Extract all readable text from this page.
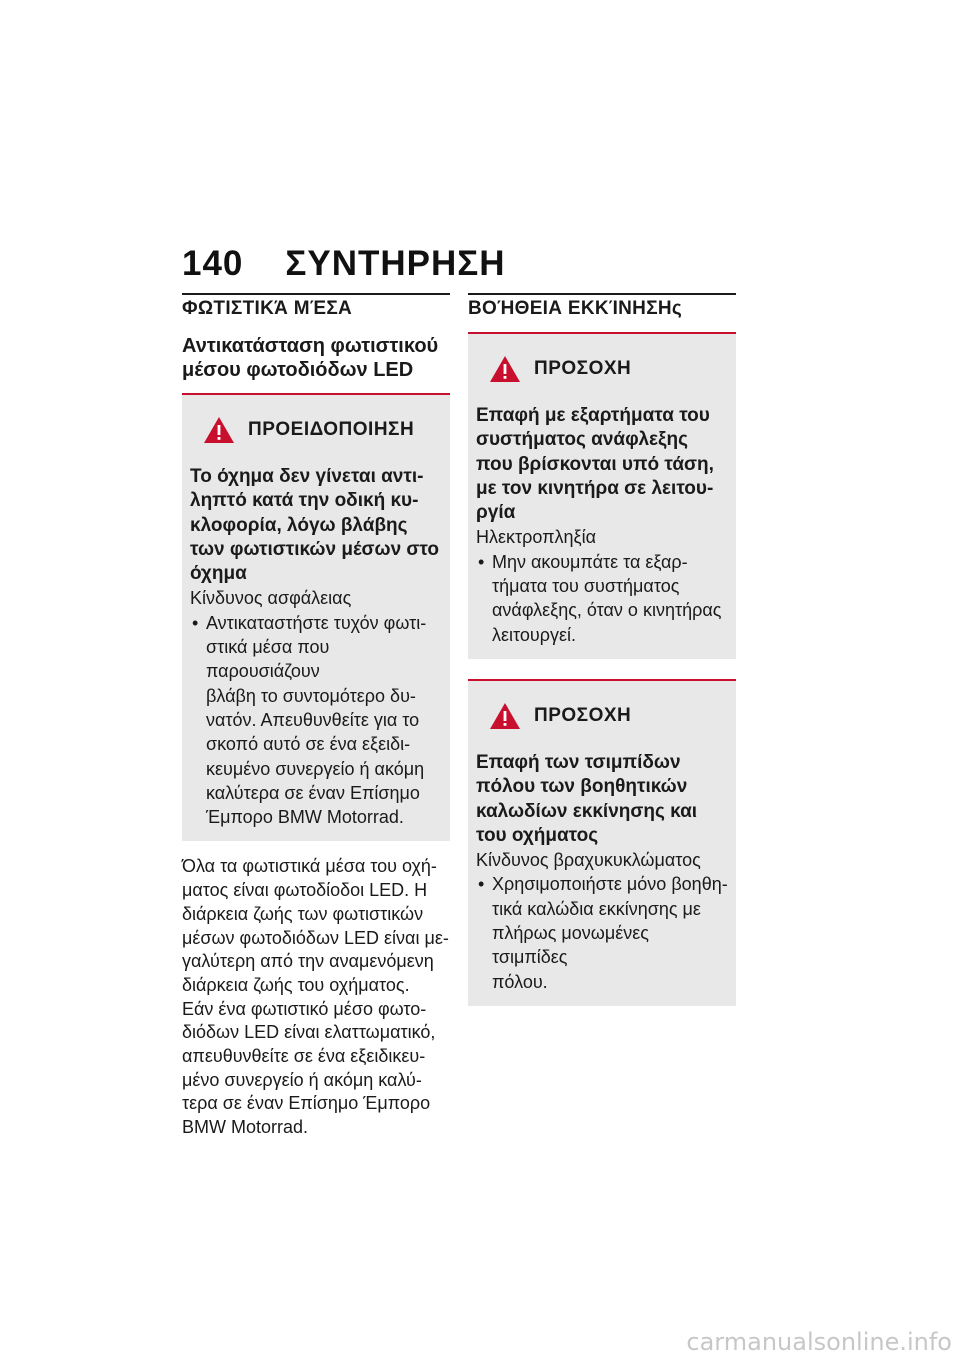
140 ΣΥΝΤΗΡΗΣΗ
ΦΩΤΙΣΤΙΚΆ ΜΈΣΑ
Αντικατάσταση φωτιστικού
μέσου φωτοδιόδων LED
ΠΡΟΕΙΔΟΠΟΙΗΣΗ
Το όχημα δεν γίνεται αντι-
ληπτό κατά την οδική κυ-
κλοφορία, λόγω βλάβης
των φωτιστικών μέσων στο
όχημα
Κίνδυνος ασφάλειας
• Αντικαταστήστε τυχόν φωτι-
στικά μέσα που παρουσιάζουν
βλάβη το συντομότερο δυ-
νατόν. Απευθυνθείτε για το
σκοπό αυτό σε ένα εξειδι-
κευμένο συνεργείο ή ακόμη
καλύτερα σε έναν Επίσημο
Έμπορο BMW Motorrad.
Όλα τα φωτιστικά μέσα του οχή-
ματος είναι φωτοδίοδοι LED. Η
διάρκεια ζωής των φωτιστικών
μέσων φωτοδιόδων LED είναι με-
γαλύτερη από την αναμενόμενη
διάρκεια ζωής του οχήματος.
Εάν ένα φωτιστικό μέσο φωτο-
διόδων LED είναι ελαττωματικό,
απευθυνθείτε σε ένα εξειδικευ-
μένο συνεργείο ή ακόμη καλύ-
τερα σε έναν Επίσημο Έμπορο
BMW Motorrad.
ΒΟΉΘΕΙΑ ΕΚΚΊΝΗΣΗς
ΠΡΟΣΟΧΗ
Επαφή με εξαρτήματα του
συστήματος ανάφλεξης
που βρίσκονται υπό τάση,
με τον κινητήρα σε λειτου-
ργία
Ηλεκτροπληξία
• Μην ακουμπάτε τα εξαρ-
τήματα του συστήματος
ανάφλεξης, όταν ο κινητήρας
λειτουργεί.
ΠΡΟΣΟΧΗ
Επαφή των τσιμπίδων
πόλου των βοηθητικών
καλωδίων εκκίνησης και
του οχήματος
Κίνδυνος βραχυκυκλώματος
• Χρησιμοποιήστε μόνο βοηθη-
τικά καλώδια εκκίνησης με
πλήρως μονωμένες τσιμπίδες
πόλου.
carmanualsonline.info
